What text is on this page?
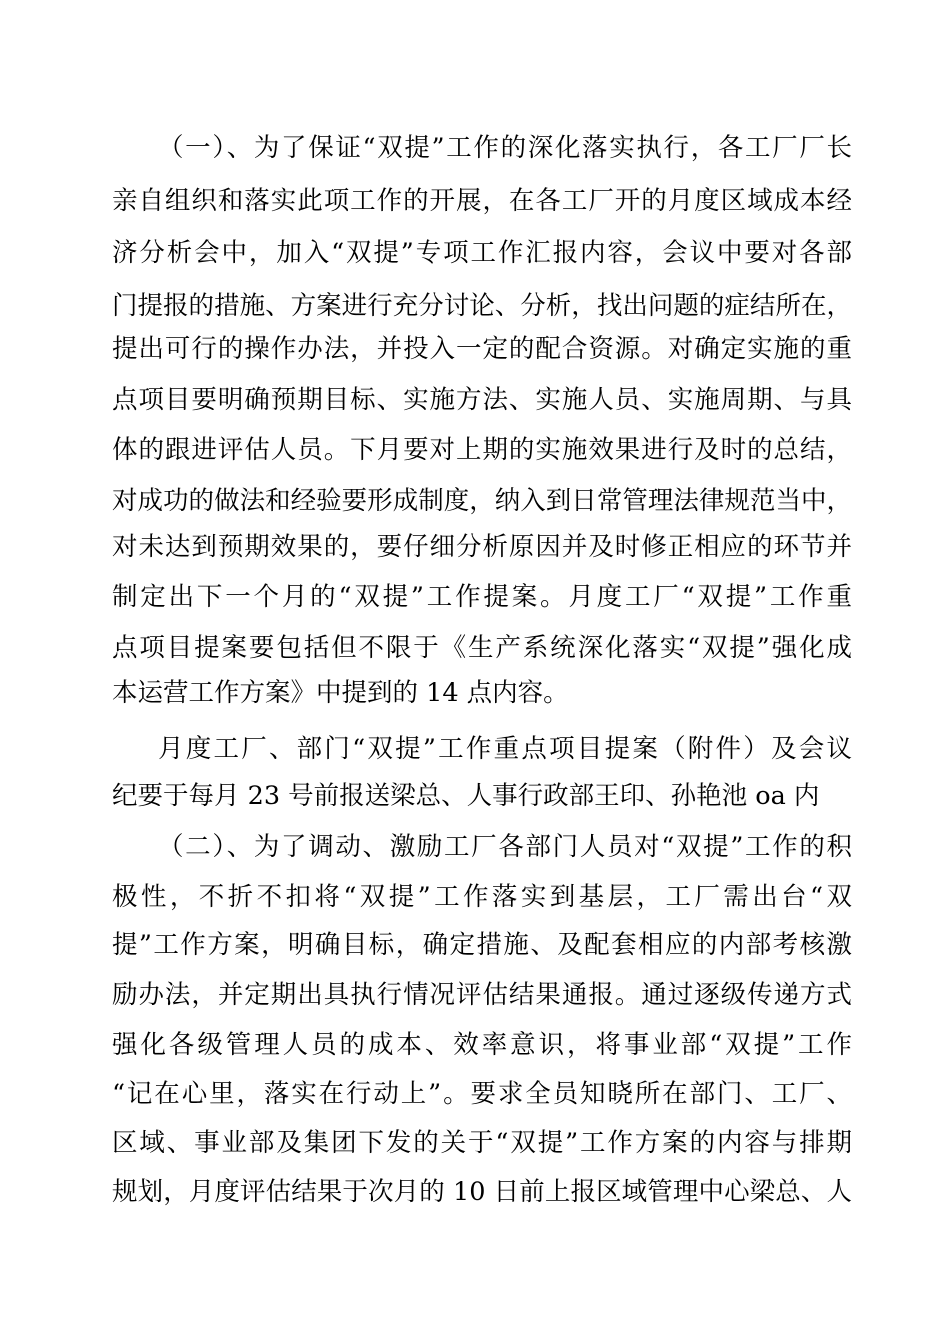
（一）、为了保证“双提”工作的深化落实执行，各工厂厂长
亲自组织和落实此项工作的开展，在各工厂开的月度区域成本经
济分析会中，加入“双提”专项工作汇报内容，会议中要对各部
门提报的措施、方案进行充分讨论、分析，找出问题的症结所在，
提出可行的操作办法，并投入一定的配合资源。对确定实施的重
点项目要明确预期目标、实施方法、实施人员、实施周期、与具
体的跟进评估人员。下月要对上期的实施效果进行及时的总结，
对成功的做法和经验要形成制度，纳入到日常管理法律规范当中，
对未达到预期效果的，要仔细分析原因并及时修正相应的环节并
制定出下一个月的“双提”工作提案。月度工厂“双提”工作重
点项目提案要包括但不限于《生产系统深化落实“双提”强化成
本运营工作方案》中提到的 14 点内容。
月度工厂、部门“双提”工作重点项目提案（附件）及会议
纪要于每月 23 号前报送梁总、人事行政部王印、孙艳池 oa 内
（二）、为了调动、激励工厂各部门人员对“双提”工作的积
极性，不折不扣将“双提”工作落实到基层，工厂需出台“双
提”工作方案，明确目标，确定措施、及配套相应的内部考核激
励办法，并定期出具执行情况评估结果通报。通过逐级传递方式
强化各级管理人员的成本、效率意识，将事业部“双提”工作
“记在心里，落实在行动上”。要求全员知晓所在部门、工厂、
区域、事业部及集团下发的关于“双提”工作方案的内容与排期
规划，月度评估结果于次月的 10 日前上报区域管理中心梁总、人
